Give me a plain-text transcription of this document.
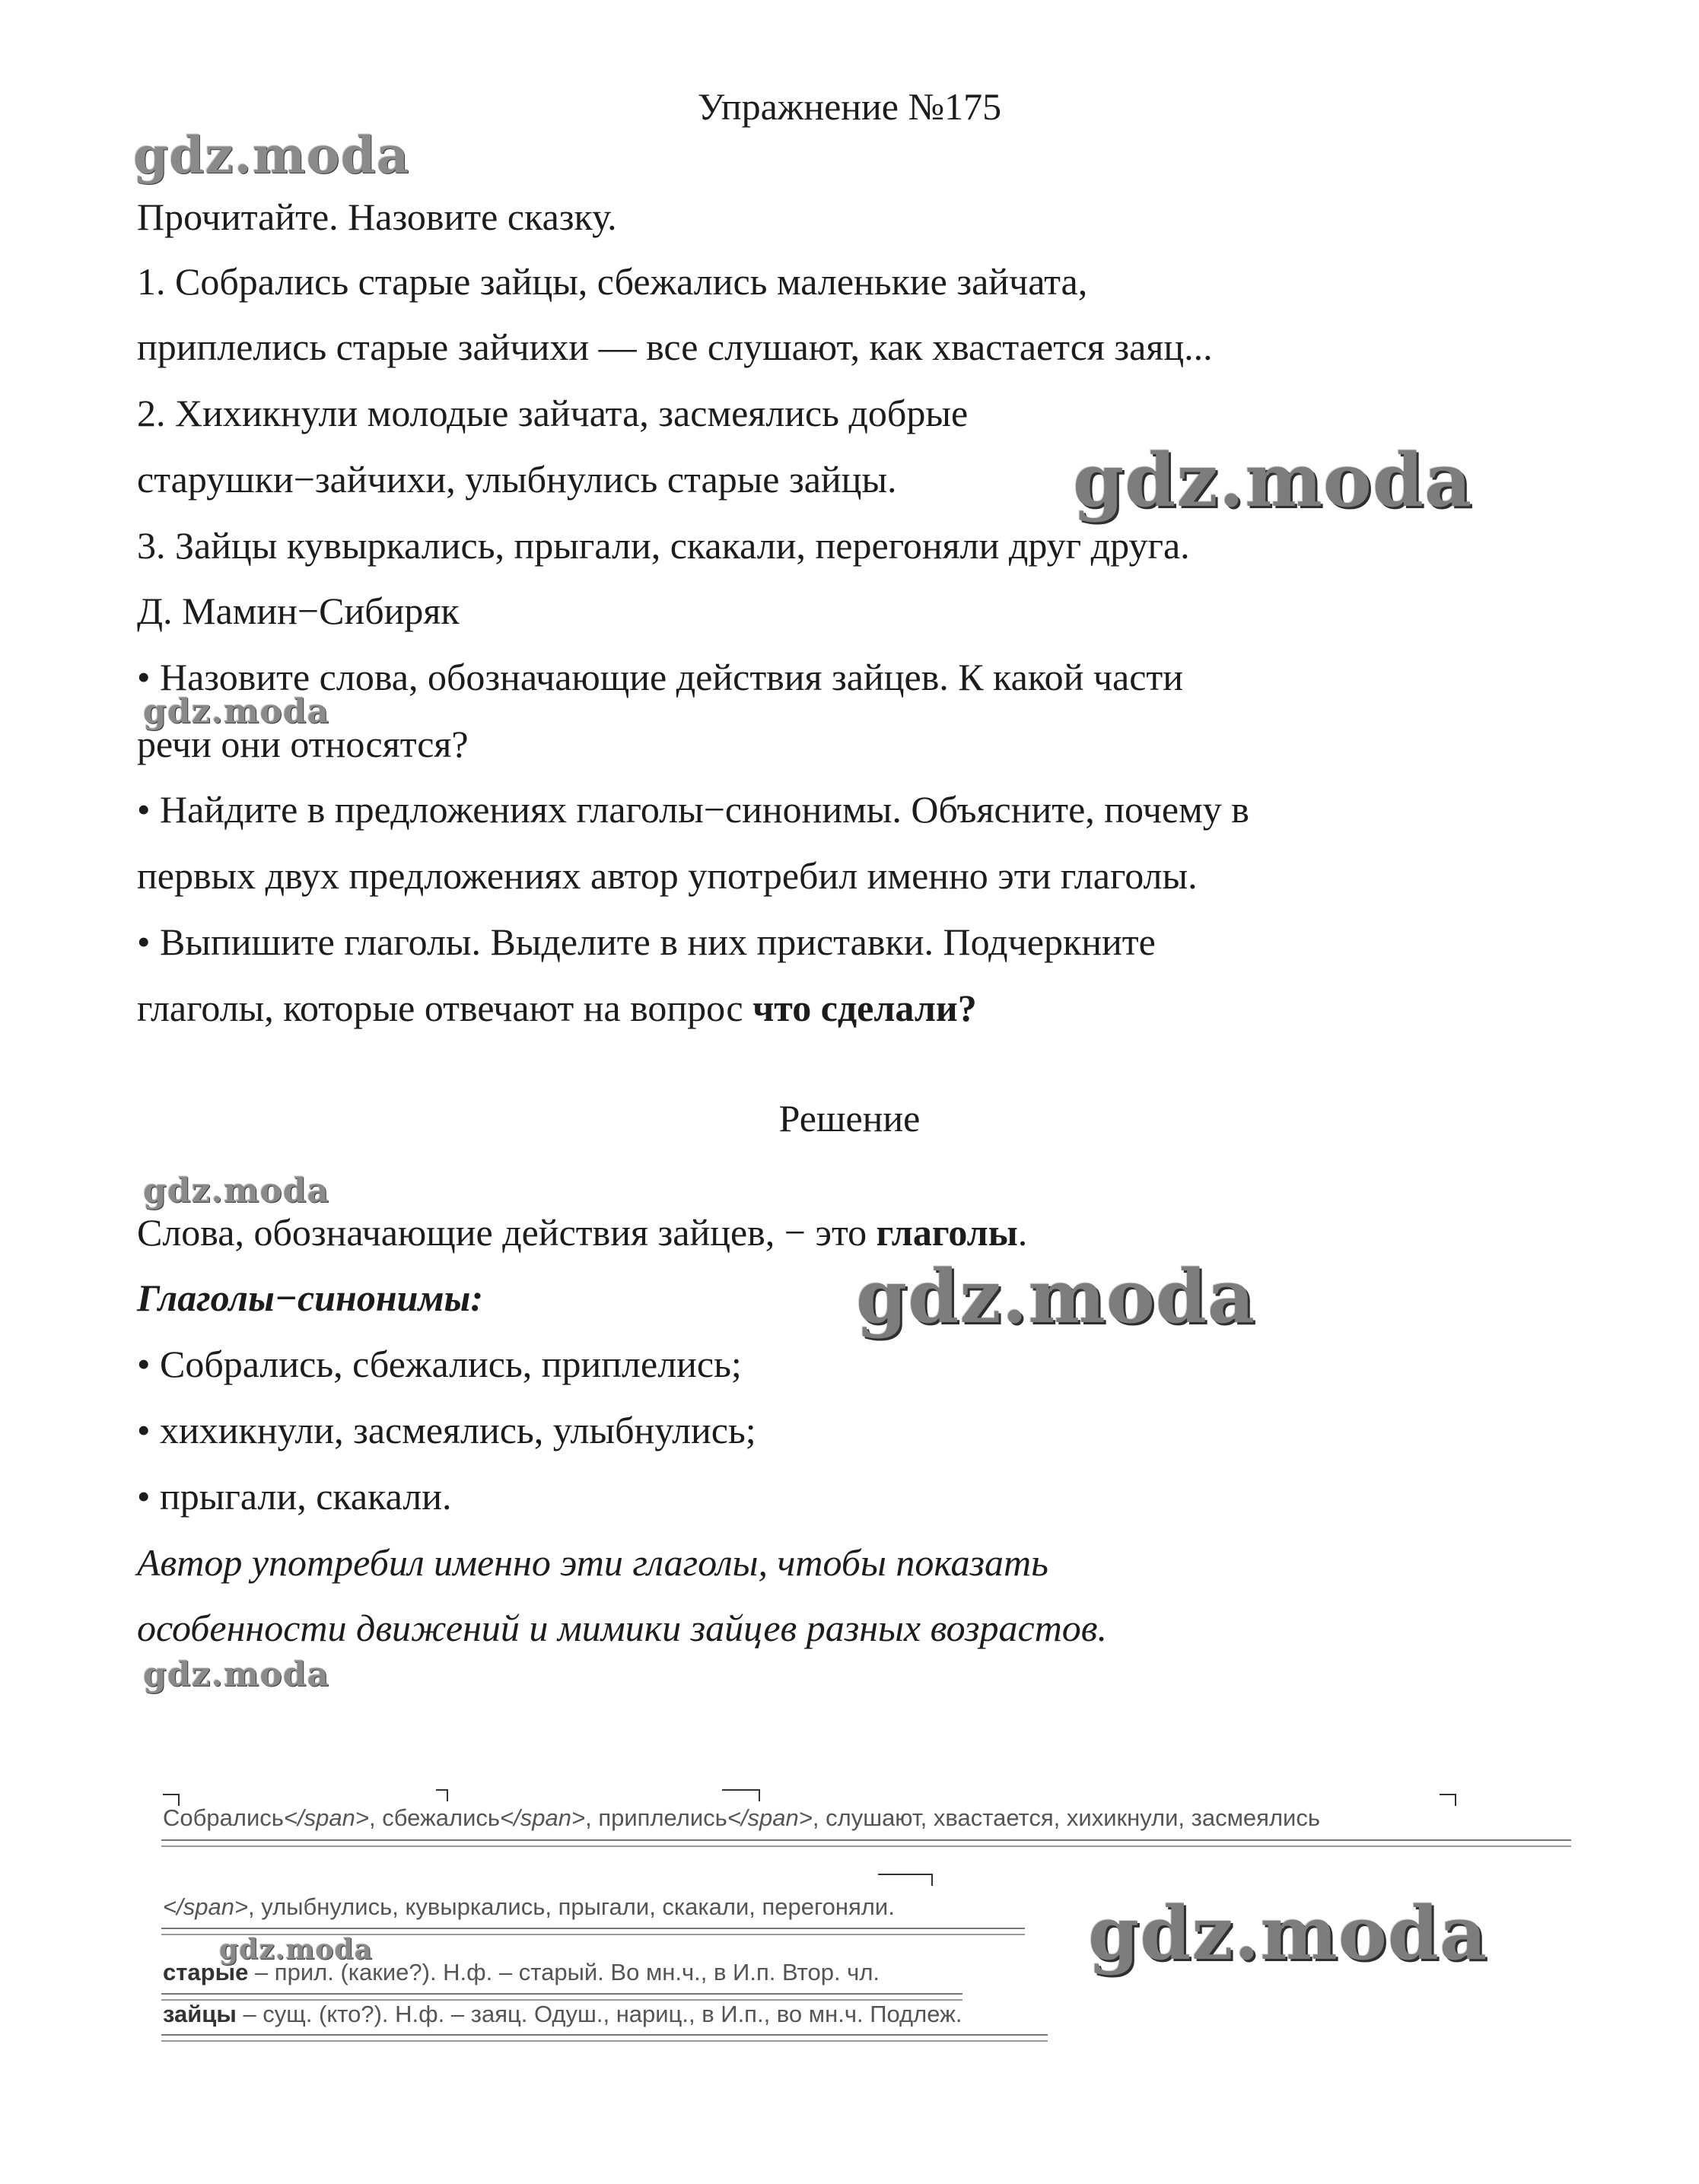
Упражнение №175
Прочитайте. Назовите сказку.
1. Собрались старые зайцы, сбежались маленькие зайчата,
приплелись старые зайчихи — все слушают, как хвастается заяц...
2. Хихикнули молодые зайчата, засмеялись добрые
старушки−зайчихи, улыбнулись старые зайцы.
3. Зайцы кувыркались, прыгали, скакали, перегоняли друг друга.
Д. Мамин−Сибиряк
• Назовите слова, обозначающие действия зайцев. К какой части
речи они относятся?
• Найдите в предложениях глаголы−синонимы. Объясните, почему в
первых двух предложениях автор употребил именно эти глаголы.
• Выпишите глаголы. Выделите в них приставки. Подчеркните
глаголы, которые отвечают на вопрос что сделали?
Решение
Слова, обозначающие действия зайцев, − это глаголы.
Глаголы−синонимы:
• Собрались, сбежались, приплелись;
• хихикнули, засмеялись, улыбнулись;
• прыгали, скакали.
Автор употребил именно эти глаголы, чтобы показать
особенности движений и мимики зайцев разных возрастов.
Собрались</span>, сбежались</span>, приплелись</span>, слушают, хвастается, хихикнули, засмеялись
</span>, улыбнулись, кувыркались, прыгали, скакали, перегоняли.
старые – прил. (какие?). Н.ф. – старый. Во мн.ч., в И.п. Втор. чл.
зайцы – сущ. (кто?). Н.ф. – заяц. Одуш., нариц., в И.п., во мн.ч. Подлеж.
gdz.moda
gdz.moda
gdz.moda
gdz.moda
gdz.moda
gdz.moda
gdz.moda	gdz.moda
